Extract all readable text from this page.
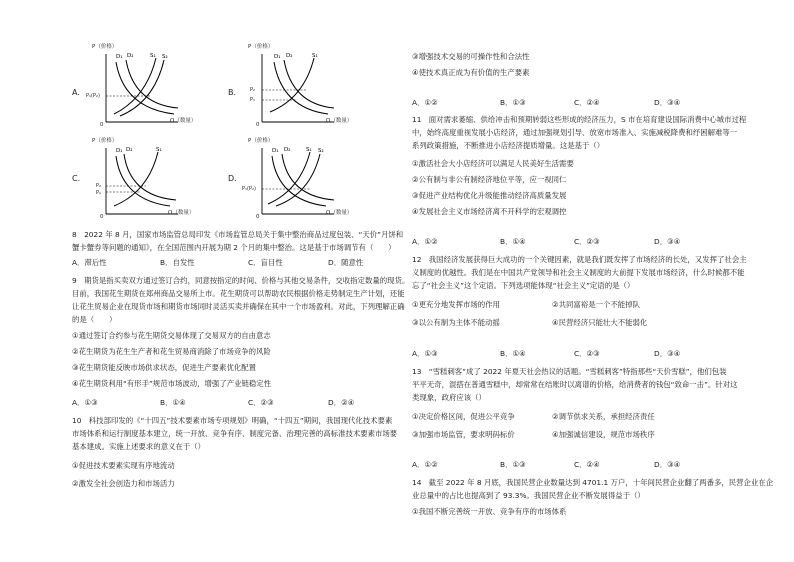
A.
D₁ D₂	S₁ S₂
P（价格）
P₁(P₂)
0
Q（数量）
B.
D₁ D₂	S₁
P（价格）
P₂
P₁
0
Q（数量）
C.
D₁ D₂	S₁
P（价格）
P₂
P₁
0
Q（数量）
D.
D₁ D₂	S₁ S₂
P（价格）
P₁(P₂)
0
Q（数量）
8　2022 年 8 月，国家市场监管总局印发《市场监管总局关于集中整治商品过度包装、“天价”月饼和
蟹卡蟹券等问题的通知》，在全国范围内开展为期 2 个月的集中整治。这是基于市场调节有（　　）
A．滞后性	B．自发性	C．盲目性	D．随意性
9　期货是指买卖双方通过签订合约，同意按指定的时间、价格与其他交易条件，交收指定数量的现货。
目前，我国花生期货在郑州商品交易所上市。花生期货可以帮助农民根据价格走势制定生产计划，还能
让花生贸易企业在现货市场和期货市场同时灵活买卖并确保在其中一个市场盈利。对此，下列理解正确
的是（　　）
①通过签订合约参与花生期货交易体现了交易双方的自由意志
②花生期货为花生生产者和花生贸易商消除了市场竞争的风险
③花生期货能反映市场供求状态，促进生产要素优化配置
④花生期货利用“有形手”规范市场波动，增强了产业链稳定性
A．①③	B．①④	C．②③	D．②④
10　科技部印发的《“十四五”技术要素市场专项规划》明确，“十四五”期间，我国现代化技术要素
市场体系和运行制度基本建立，统一开放、竞争有序、制度完备、治理完善的高标准技术要素市场要
基本建成。实施上述要求的意义在于（）
①促进技术要素实现有序地流动
②激发全社会创造力和市场活力
③增强技术交易的可操作性和合法性
④使技术真正成为有价值的生产要素
A．①②	B．①③	C．②④	D．③④
11　面对需求萎缩、供给冲击和预期转弱这些形成的经济压力，S 市在培育建设国际消费中心城市过程
中，始终高度重视发展小店经济，通过加强规划引导、放宽市场准入、实施减税降费和纾困解难等一
系列政策措施，不断推进小店经济提质增量。这是基于（）
①激活社会大小店经济可以满足人民美好生活需要
②公有制与非公有制经济地位平等，应一视同仁
③促进产业结构优化升级能推动经济高质量发展
④发展社会主义市场经济离不开科学的宏观调控
A．①②	B．①④	C．②③	D．③④
12　我国经济发展获得巨大成功的一个关键因素，就是我们既发挥了市场经济的长处，又发挥了社会主
义制度的优越性。我们是在中国共产党领导和社会主义制度的大前提下发展市场经济，什么时候都不能
忘了“社会主义”这个定语。下列选项能体现“社会主义”定语的是（）
①更充分地发挥市场的作用	②共同富裕是一个不能掉队
③以公有制为主体不能动摇	④民营经济只能壮大不能弱化
A．①③	B．①④	C．②③	D．③④
13　“雪糕刺客”成了 2022 年夏天社会热议的话题。“雪糕刺客”特指那些“天价雪糕”，他们包装
平平无奇，混搭在普通雪糕中，却常常在结账时以离谱的价格，给消费者的钱包“致命一击”。针对这
类现象，政府应该（）
①决定价格区间，促进公平竞争	②调节供求关系，承担经济责任
③加强市场监管，要求明码标价	④加强诚信建设，规范市场秩序
A．①②	B．①③	C．②④	D．③④
14　截至 2022 年 8 月底，我国民营企业数量达到 4701.1 万户，十年间民营企业翻了两番多，民营企业在企
业总量中的占比也提高到了 93.3%。我国民营企业不断发展得益于（）
①我国不断完善统一开放、竞争有序的市场体系
